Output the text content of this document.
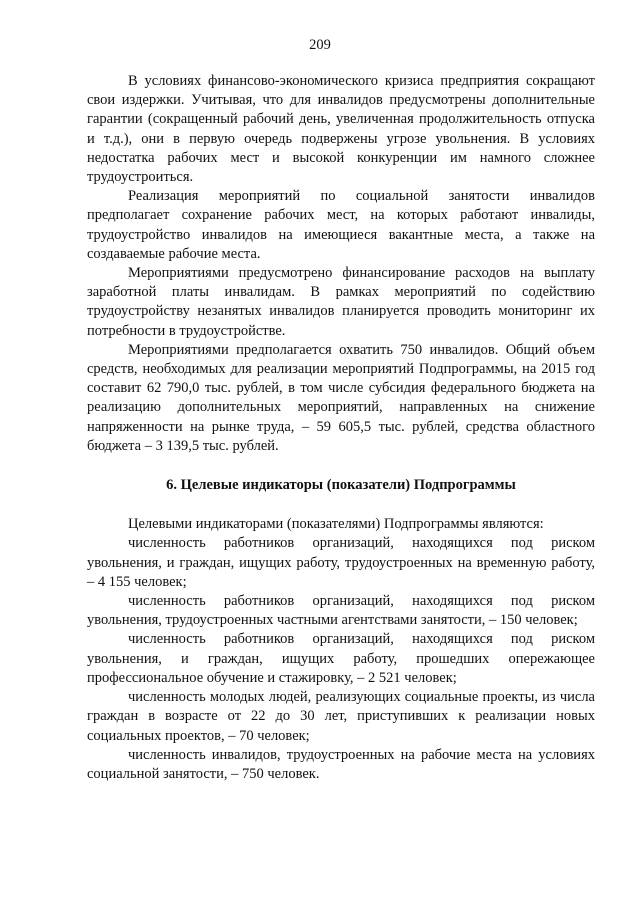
209

В условиях финансово-экономического кризиса предприятия сокращают свои издержки. Учитывая, что для инвалидов предусмотрены дополнительные гарантии (сокращенный рабочий день, увеличенная продолжительность отпуска и т.д.), они в первую очередь подвержены угрозе увольнения. В условиях недостатка рабочих мест и высокой конкуренции им намного сложнее трудоустроиться.

Реализация мероприятий по социальной занятости инвалидов предполагает сохранение рабочих мест, на которых работают инвалиды, трудоустройство инвалидов на имеющиеся вакантные места, а также на создаваемые рабочие места.

Мероприятиями предусмотрено финансирование расходов на выплату заработной платы инвалидам. В рамках мероприятий по содействию трудоустройству незанятых инвалидов планируется проводить мониторинг их потребности в трудоустройстве.

Мероприятиями предполагается охватить 750 инвалидов. Общий объем средств, необходимых для реализации мероприятий Подпрограммы, на 2015 год составит 62 790,0 тыс. рублей, в том числе субсидия федерального бюджета на реализацию дополнительных мероприятий, направленных на снижение напряженности на рынке труда, – 59 605,5 тыс. рублей, средства областного бюджета – 3 139,5 тыс. рублей.

6. Целевые индикаторы (показатели) Подпрограммы

Целевыми индикаторами (показателями) Подпрограммы являются:

численность работников организаций, находящихся под риском увольнения, и граждан, ищущих работу, трудоустроенных на временную работу, – 4 155 человек;

численность работников организаций, находящихся под риском увольнения, трудоустроенных частными агентствами занятости, – 150 человек;

численность работников организаций, находящихся под риском увольнения, и граждан, ищущих работу, прошедших опережающее профессиональное обучение и стажировку, – 2 521 человек;

численность молодых людей, реализующих социальные проекты, из числа граждан в возрасте от 22 до 30 лет, приступивших к реализации новых социальных проектов, – 70 человек;

численность инвалидов, трудоустроенных на рабочие места на условиях социальной занятости, – 750 человек.
